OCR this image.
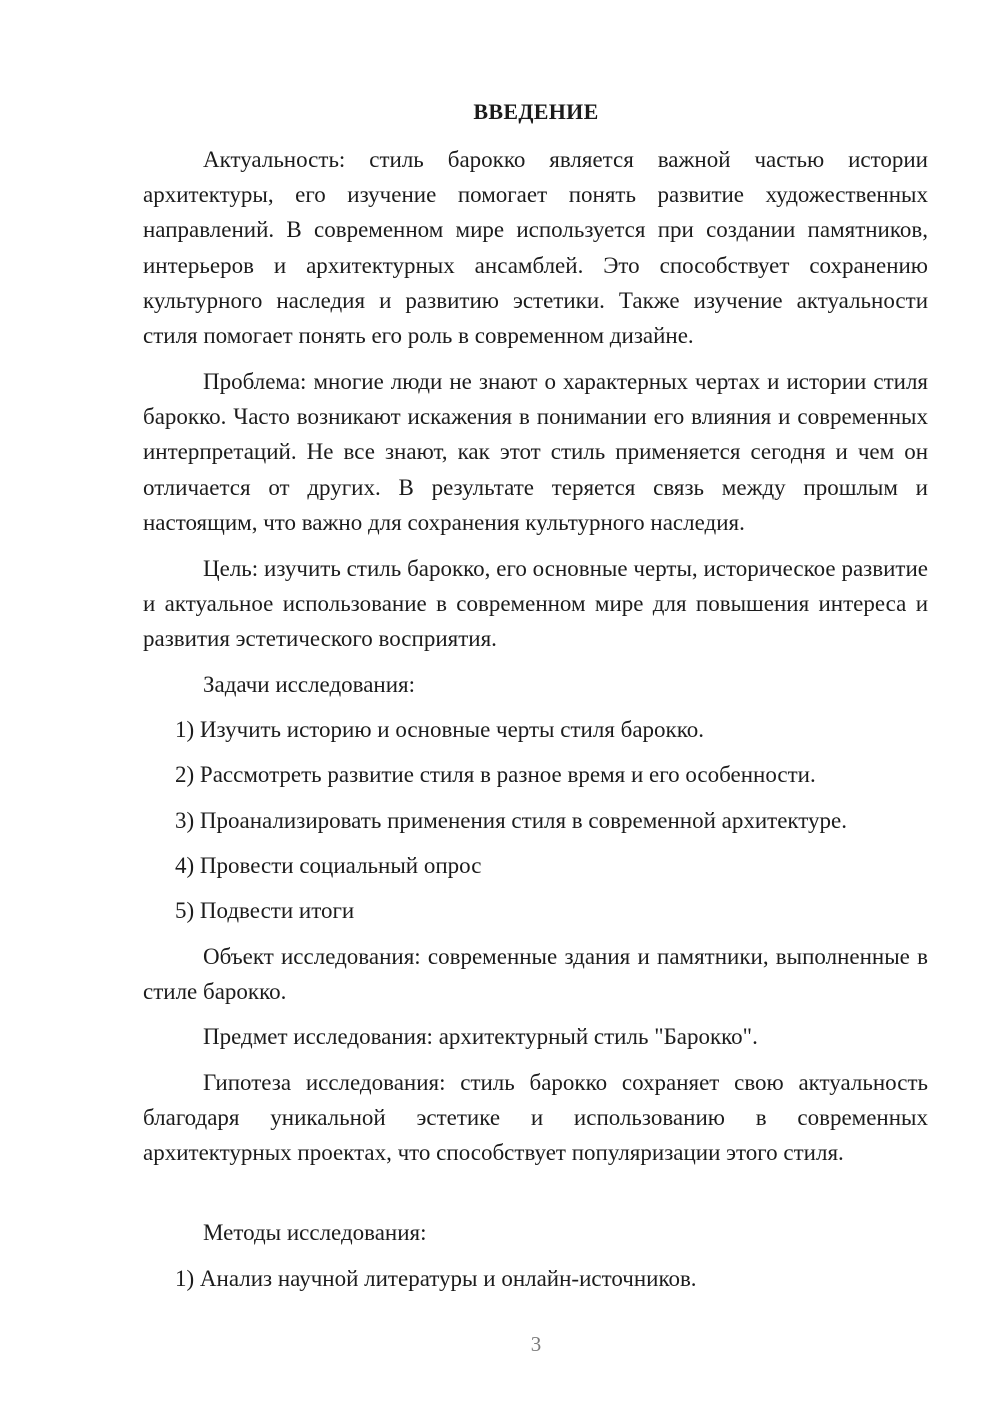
ВВЕДЕНИЕ

Актуальность: стиль барокко является важной частью истории архитектуры, его изучение помогает понять развитие художественных направлений. В современном мире используется при создании памятников, интерьеров и архитектурных ансамблей. Это способствует сохранению культурного наследия и развитию эстетики. Также изучение актуальности стиля помогает понять его роль в современном дизайне.

Проблема: многие люди не знают о характерных чертах и истории стиля барокко. Часто возникают искажения в понимании его влияния и современных интерпретаций. Не все знают, как этот стиль применяется сегодня и чем он отличается от других. В результате теряется связь между прошлым и настоящим, что важно для сохранения культурного наследия.

Цель: изучить стиль барокко, его основные черты, историческое развитие и актуальное использование в современном мире для повышения интереса и развития эстетического восприятия.

Задачи исследования:

1) Изучить историю и основные черты стиля барокко.

2) Рассмотреть развитие стиля в разное время и его особенности.

3) Проанализировать применения стиля в современной архитектуре.

4) Провести социальный опрос

5) Подвести итоги

Объект исследования: современные здания и памятники, выполненные в стиле барокко.

Предмет исследования: архитектурный стиль "Барокко".

Гипотеза исследования: стиль барокко сохраняет свою актуальность благодаря уникальной эстетике и использованию в современных архитектурных проектах, что способствует популяризации этого стиля.

Методы исследования:

1) Анализ научной литературы и онлайн-источников.

3
